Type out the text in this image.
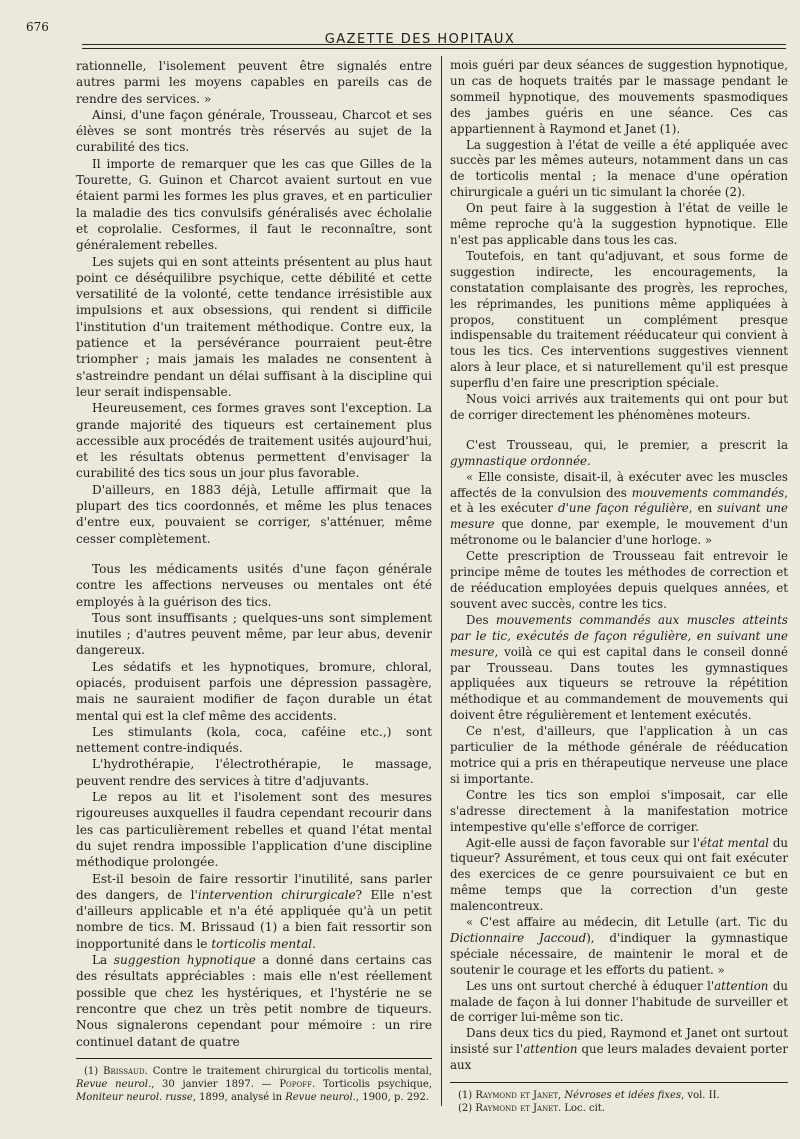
676
GAZETTE DES HOPITAUX

rationnelle, l'isolement peuvent être signalés entre autres parmi les moyens capables en pareils cas de rendre des services. »

Ainsi, d'une façon générale, Trousseau, Charcot et ses élèves se sont montrés très réservés au sujet de la curabilité des tics.

Il importe de remarquer que les cas que Gilles de la Tourette, G. Guinon et Charcot avaient surtout en vue étaient parmi les formes les plus graves, et en particulier la maladie des tics convulsifs généralisés avec écholalie et coprolalie. Cesformes, il faut le reconnaître, sont généralement rebelles.

Les sujets qui en sont atteints présentent au plus haut point ce déséquilibre psychique, cette débilité et cette versatilité de la volonté, cette tendance irrésistible aux impulsions et aux obsessions, qui rendent si difficile l'institution d'un traitement méthodique. Contre eux, la patience et la persévérance pourraient peut-être triompher ; mais jamais les malades ne consentent à s'astreindre pendant un délai suffisant à la discipline qui leur serait indispensable.

Heureusement, ces formes graves sont l'exception. La grande majorité des tiqueurs est certainement plus accessible aux procédés de traitement usités aujourd'hui, et les résultats obtenus permettent d'envisager la curabilité des tics sous un jour plus favorable.

D'ailleurs, en 1883 déjà, Letulle affirmait que la plupart des tics coordonnés, et même les plus tenaces d'entre eux, pouvaient se corriger, s'atténuer, même cesser complètement.

Tous les médicaments usités d'une façon générale contre les affections nerveuses ou mentales ont été employés à la guérison des tics.

Tous sont insuffisants ; quelques-uns sont simplement inutiles ; d'autres peuvent même, par leur abus, devenir dangereux.

Les sédatifs et les hypnotiques, bromure, chloral, opiacés, produisent parfois une dépression passagère, mais ne sauraient modifier de façon durable un état mental qui est la clef même des accidents.

Les stimulants (kola, coca, caféine etc.,) sont nettement contre-indiqués.

L'hydrothérapie, l'électrothérapie, le massage, peuvent rendre des services à titre d'adjuvants.

Le repos au lit et l'isolement sont des mesures rigoureuses auxquelles il faudra cependant recourir dans les cas particulièrement rebelles et quand l'état mental du sujet rendra impossible l'application d'une discipline méthodique prolongée.

Est-il besoin de faire ressortir l'inutilité, sans parler des dangers, de l'intervention chirurgicale? Elle n'est d'ailleurs applicable et n'a été appliquée qu'à un petit nombre de tics. M. Brissaud (1) a bien fait ressortir son inopportunité dans le torticolis mental.

La suggestion hypnotique a donné dans certains cas des résultats appréciables : mais elle n'est réellement possible que chez les hystériques, et l'hystérie ne se rencontre que chez un très petit nombre de tiqueurs. Nous signalerons cependant pour mémoire : un rire continuel datant de quatre

(1) Brissaud. Contre le traitement chirurgical du torticolis mental, Revue neurol., 30 janvier 1897. — Popoff. Torticolis psychique, Moniteur neurol. russe, 1899, analysé in Revue neurol., 1900, p. 292.

mois guéri par deux séances de suggestion hypnotique, un cas de hoquets traités par le massage pendant le sommeil hypnotique, des mouvements spasmodiques des jambes guéris en une séance. Ces cas appartiennent à Raymond et Janet (1).

La suggestion à l'état de veille a été appliquée avec succès par les mêmes auteurs, notamment dans un cas de torticolis mental ; la menace d'une opération chirurgicale a guéri un tic simulant la chorée (2).

On peut faire à la suggestion à l'état de veille le même reproche qu'à la suggestion hypnotique. Elle n'est pas applicable dans tous les cas.

Toutefois, en tant qu'adjuvant, et sous forme de suggestion indirecte, les encouragements, la constatation complaisante des progrès, les reproches, les réprimandes, les punitions même appliquées à propos, constituent un complément presque indispensable du traitement rééducateur qui convient à tous les tics. Ces interventions suggestives viennent alors à leur place, et si naturellement qu'il est presque superflu d'en faire une prescription spéciale.

Nous voici arrivés aux traitements qui ont pour but de corriger directement les phénomènes moteurs.

C'est Trousseau, qui, le premier, a prescrit la gymnastique ordonnée.

« Elle consiste, disait-il, à exécuter avec les muscles affectés de la convulsion des mouvements commandés, et à les exécuter d'une façon régulière, en suivant une mesure que donne, par exemple, le mouvement d'un métronome ou le balancier d'une horloge. »

Cette prescription de Trousseau fait entrevoir le principe même de toutes les méthodes de correction et de rééducation employées depuis quelques années, et souvent avec succès, contre les tics.

Des mouvements commandés aux muscles atteints par le tic, exécutés de façon régulière, en suivant une mesure, voilà ce qui est capital dans le conseil donné par Trousseau. Dans toutes les gymnastiques appliquées aux tiqueurs se retrouve la répétition méthodique et au commandement de mouvements qui doivent être régulièrement et lentement exécutés.

Ce n'est, d'ailleurs, que l'application à un cas particulier de la méthode générale de rééducation motrice qui a pris en thérapeutique nerveuse une place si importante.

Contre les tics son emploi s'imposait, car elle s'adresse directement à la manifestation motrice intempestive qu'elle s'efforce de corriger.

Agit-elle aussi de façon favorable sur l'état mental du tiqueur? Assurément, et tous ceux qui ont fait exécuter des exercices de ce genre poursuivaient ce but en même temps que la correction d'un geste malencontreux.

« C'est affaire au médecin, dit Letulle (art. Tic du Dictionnaire Jaccoud), d'indiquer la gymnastique spéciale nécessaire, de maintenir le moral et de soutenir le courage et les efforts du patient. »

Les uns ont surtout cherché à éduquer l'attention du malade de façon à lui donner l'habitude de surveiller et de corriger lui-même son tic.

Dans deux tics du pied, Raymond et Janet ont surtout insisté sur l'attention que leurs malades devaient porter aux

(1) Raymond et Janet, Névroses et idées fixes, vol. II.

(2) Raymond et Janet. Loc. cit.
